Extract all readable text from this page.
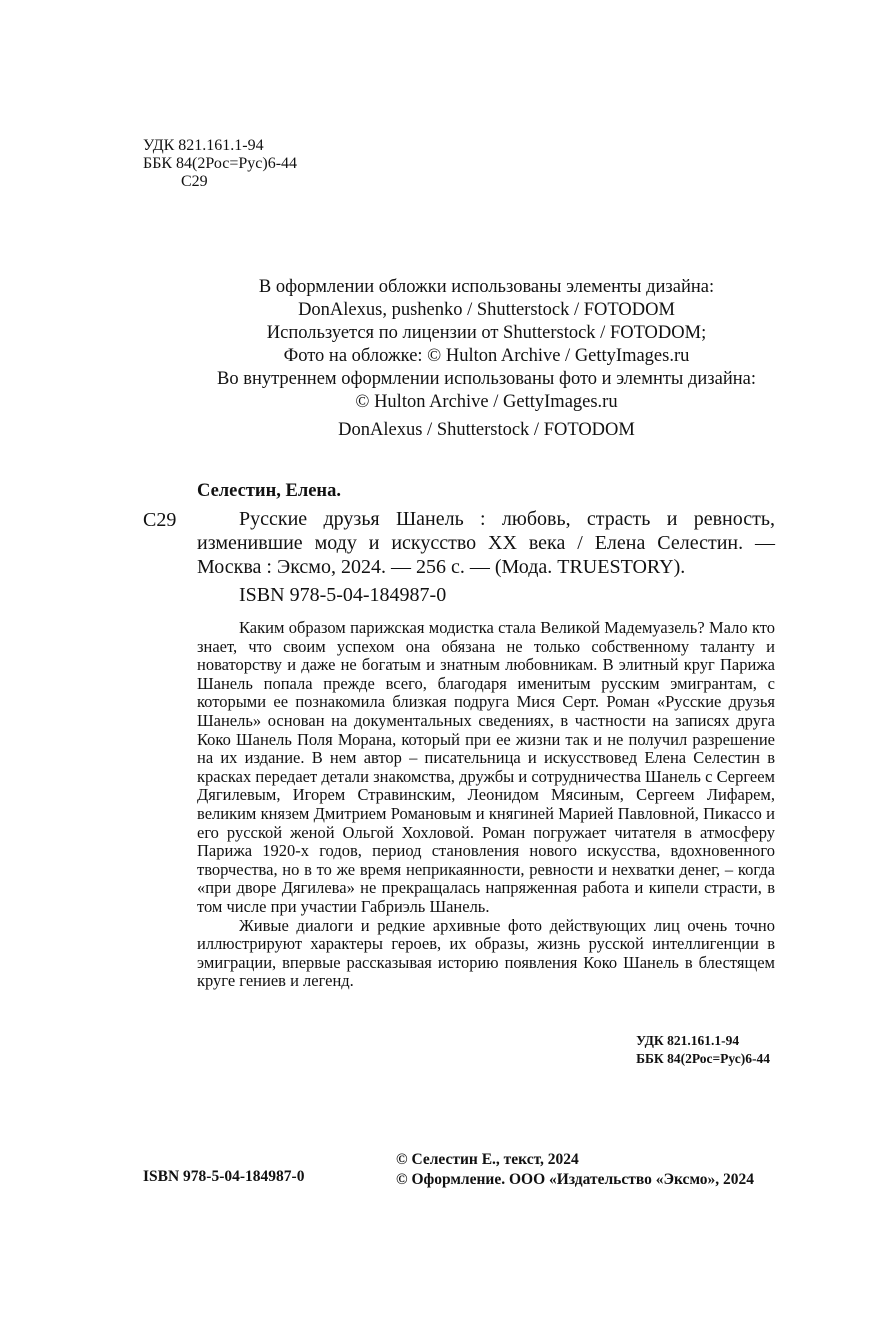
УДК 821.161.1-94
ББК 84(2Рос=Рус)6-44
С29
В оформлении обложки использованы элементы дизайна:
DonAlexus, pushenko / Shutterstock / FOTODOM
Используется по лицензии от Shutterstock / FOTODOM;
Фото на обложке: © Hulton Archive / GettyImages.ru
Во внутреннем оформлении использованы фото и элемнты дизайна:
© Hulton Archive / GettyImages.ru
DonAlexus / Shutterstock / FOTODOM
Селестин, Елена.
С29	Русские друзья Шанель : любовь, страсть и ревность, изменившие моду и искусство XX века / Елена Селестин. — Москва : Эксмо, 2024. — 256 с. — (Мода. TRUESTORY).
ISBN 978-5-04-184987-0

Каким образом парижская модистка стала Великой Мадемуазель? Мало кто знает, что своим успехом она обязана не только собственному таланту и новаторству и даже не богатым и знатным любовникам. В элитный круг Парижа Шанель попала прежде всего, благодаря именитым русским эмигрантам, с которыми ее познакомила близкая подруга Мися Серт. Роман «Русские друзья Шанель» основан на документальных сведениях, в частности на записях друга Коко Шанель Поля Морана, который при ее жизни так и не получил разрешение на их издание. В нем автор – писательница и искусствовед Елена Селестин в красках передает детали знакомства, дружбы и сотрудничества Шанель с Сергеем Дягилевым, Игорем Стравинским, Леонидом Мясиным, Сергеем Лифарем, великим князем Дмитрием Романовым и княгиней Марией Павловной, Пикассо и его русской женой Ольгой Хохловой. Роман погружает читателя в атмосферу Парижа 1920-х годов, период становления нового искусства, вдохновенного творчества, но в то же время неприкаянности, ревности и нехватки денег, – когда «при дворе Дягилева» не прекращалась напряженная работа и кипели страсти, в том числе при участии Габриэль Шанель.

Живые диалоги и редкие архивные фото действующих лиц очень точно иллюстрируют характеры героев, их образы, жизнь русской интеллигенции в эмиграции, впервые рассказывая историю появления Коко Шанель в блестящем круге гениев и легенд.

УДК 821.161.1-94
ББК 84(2Рос=Рус)6-44
ISBN 978-5-04-184987-0
© Селестин Е., текст, 2024
© Оформление. ООО «Издательство «Эксмо», 2024
